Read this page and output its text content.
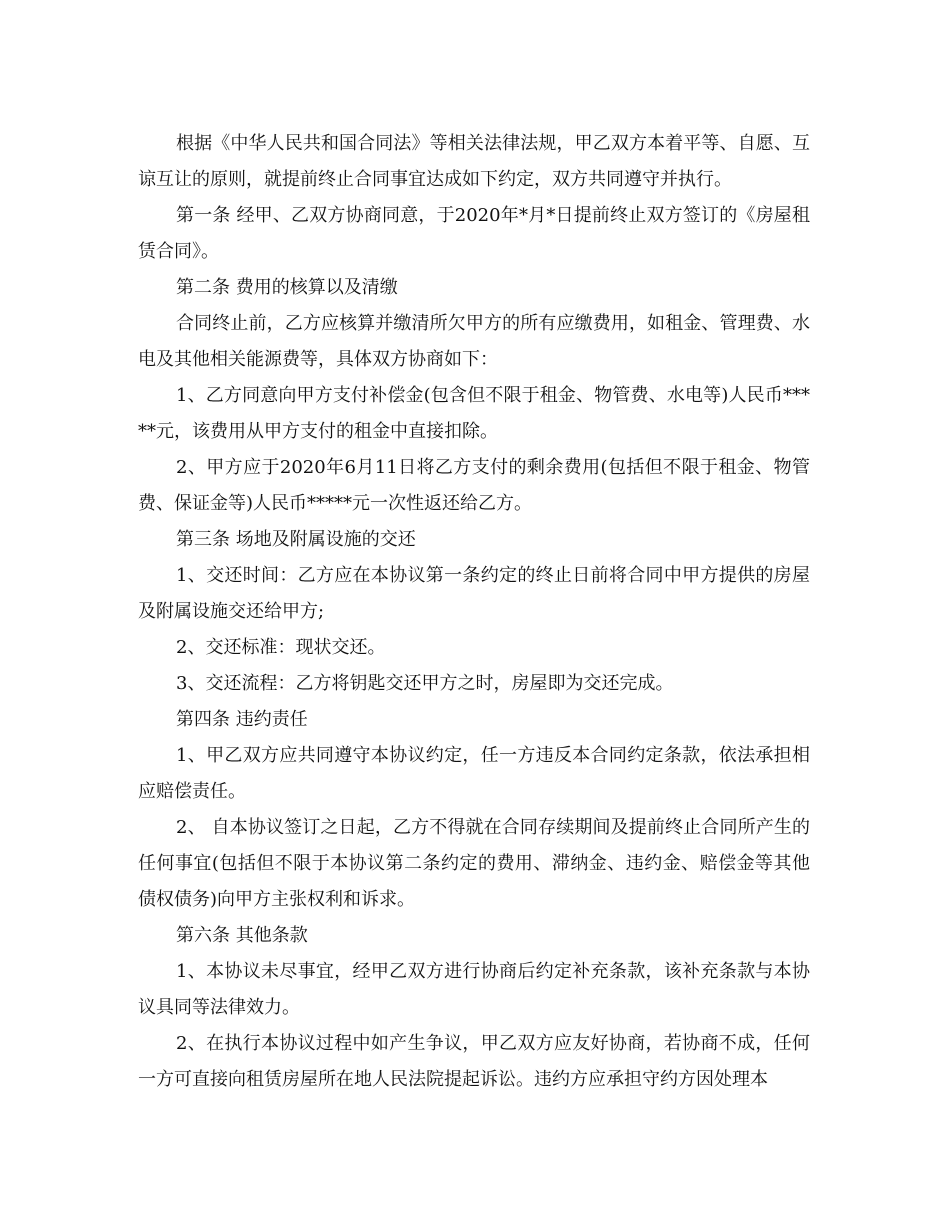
根据《中华人民共和国合同法》等相关法律法规，甲乙双方本着平等、自愿、互谅互让的原则，就提前终止合同事宜达成如下约定，双方共同遵守并执行。

第一条 经甲、乙双方协商同意，于2020年*月*日提前终止双方签订的《房屋租赁合同》。

第二条 费用的核算以及清缴

合同终止前，乙方应核算并缴清所欠甲方的所有应缴费用，如租金、管理费、水电及其他相关能源费等，具体双方协商如下：

1、乙方同意向甲方支付补偿金(包含但不限于租金、物管费、水电等)人民币*****元，该费用从甲方支付的租金中直接扣除。

2、甲方应于2020年6月11日将乙方支付的剩余费用(包括但不限于租金、物管费、保证金等)人民币*****元一次性返还给乙方。

第三条 场地及附属设施的交还

1、交还时间：乙方应在本协议第一条约定的终止日前将合同中甲方提供的房屋及附属设施交还给甲方;

2、交还标准：现状交还。

3、交还流程：乙方将钥匙交还甲方之时，房屋即为交还完成。

第四条 违约责任

1、甲乙双方应共同遵守本协议约定，任一方违反本合同约定条款，依法承担相应赔偿责任。

2、 自本协议签订之日起，乙方不得就在合同存续期间及提前终止合同所产生的任何事宜(包括但不限于本协议第二条约定的费用、滞纳金、违约金、赔偿金等其他债权债务)向甲方主张权利和诉求。

第六条 其他条款

1、本协议未尽事宜，经甲乙双方进行协商后约定补充条款，该补充条款与本协议具同等法律效力。

2、在执行本协议过程中如产生争议，甲乙双方应友好协商，若协商不成，任何一方可直接向租赁房屋所在地人民法院提起诉讼。违约方应承担守约方因处理本
